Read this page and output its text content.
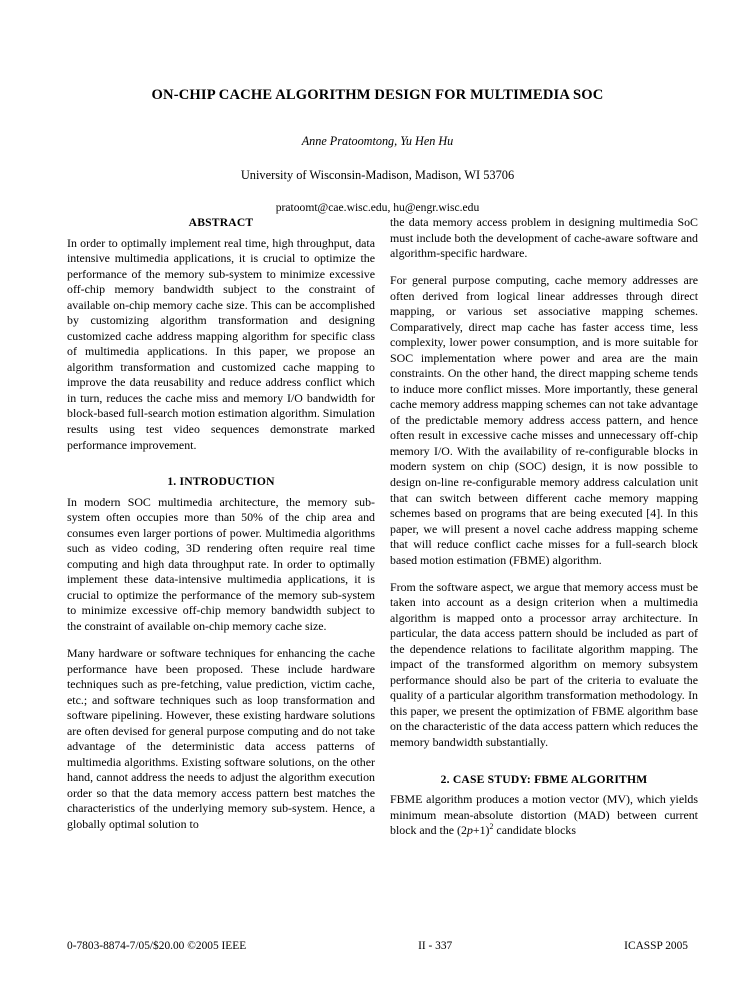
ON-CHIP CACHE ALGORITHM DESIGN FOR MULTIMEDIA SOC
Anne Pratoomtong, Yu Hen Hu
University of Wisconsin-Madison, Madison, WI 53706
pratoomt@cae.wisc.edu, hu@engr.wisc.edu
ABSTRACT

In order to optimally implement real time, high throughput, data intensive multimedia applications, it is crucial to optimize the performance of the memory sub-system to minimize excessive off-chip memory bandwidth subject to the constraint of available on-chip memory cache size. This can be accomplished by customizing algorithm transformation and designing customized cache address mapping algorithm for specific class of multimedia applications. In this paper, we propose an algorithm transformation and customized cache mapping to improve the data reusability and reduce address conflict which in turn, reduces the cache miss and memory I/O bandwidth for block-based full-search motion estimation algorithm. Simulation results using test video sequences demonstrate marked performance improvement.

1. INTRODUCTION

In modern SOC multimedia architecture, the memory sub-system often occupies more than 50% of the chip area and consumes even larger portions of power. Multimedia algorithms such as video coding, 3D rendering often require real time computing and high data throughput rate. In order to optimally implement these data-intensive multimedia applications, it is crucial to optimize the performance of the memory sub-system to minimize excessive off-chip memory bandwidth subject to the constraint of available on-chip memory cache size.

Many hardware or software techniques for enhancing the cache performance have been proposed. These include hardware techniques such as pre-fetching, value prediction, victim cache, etc.; and software techniques such as loop transformation and software pipelining. However, these existing hardware solutions are often devised for general purpose computing and do not take advantage of the deterministic data access patterns of multimedia algorithms. Existing software solutions, on the other hand, cannot address the needs to adjust the algorithm execution order so that the data memory access pattern best matches the characteristics of the underlying memory sub-system. Hence, a globally optimal solution to

the data memory access problem in designing multimedia SoC must include both the development of cache-aware software and algorithm-specific hardware.

For general purpose computing, cache memory addresses are often derived from logical linear addresses through direct mapping, or various set associative mapping schemes. Comparatively, direct map cache has faster access time, less complexity, lower power consumption, and is more suitable for SOC implementation where power and area are the main constraints. On the other hand, the direct mapping scheme tends to induce more conflict misses. More importantly, these general cache memory address mapping schemes can not take advantage of the predictable memory address access pattern, and hence often result in excessive cache misses and unnecessary off-chip memory I/O. With the availability of re-configurable blocks in modern system on chip (SOC) design, it is now possible to design on-line re-configurable memory address calculation unit that can switch between different cache memory mapping schemes based on programs that are being executed [4]. In this paper, we will present a novel cache address mapping scheme that will reduce conflict cache misses for a full-search block based motion estimation (FBME) algorithm.

From the software aspect, we argue that memory access must be taken into account as a design criterion when a multimedia algorithm is mapped onto a processor array architecture. In particular, the data access pattern should be included as part of the dependence relations to facilitate algorithm mapping. The impact of the transformed algorithm on memory subsystem performance should also be part of the criteria to evaluate the quality of a particular algorithm transformation methodology. In this paper, we present the optimization of FBME algorithm base on the characteristic of the data access pattern which reduces the memory bandwidth substantially.

2. CASE STUDY: FBME ALGORITHM

FBME algorithm produces a motion vector (MV), which yields minimum mean-absolute distortion (MAD) between current block and the $(2p+1)^2$ candidate blocks

0-7803-8874-7/05/$20.00 ©2005 IEEE	II - 337	ICASSP 2005
